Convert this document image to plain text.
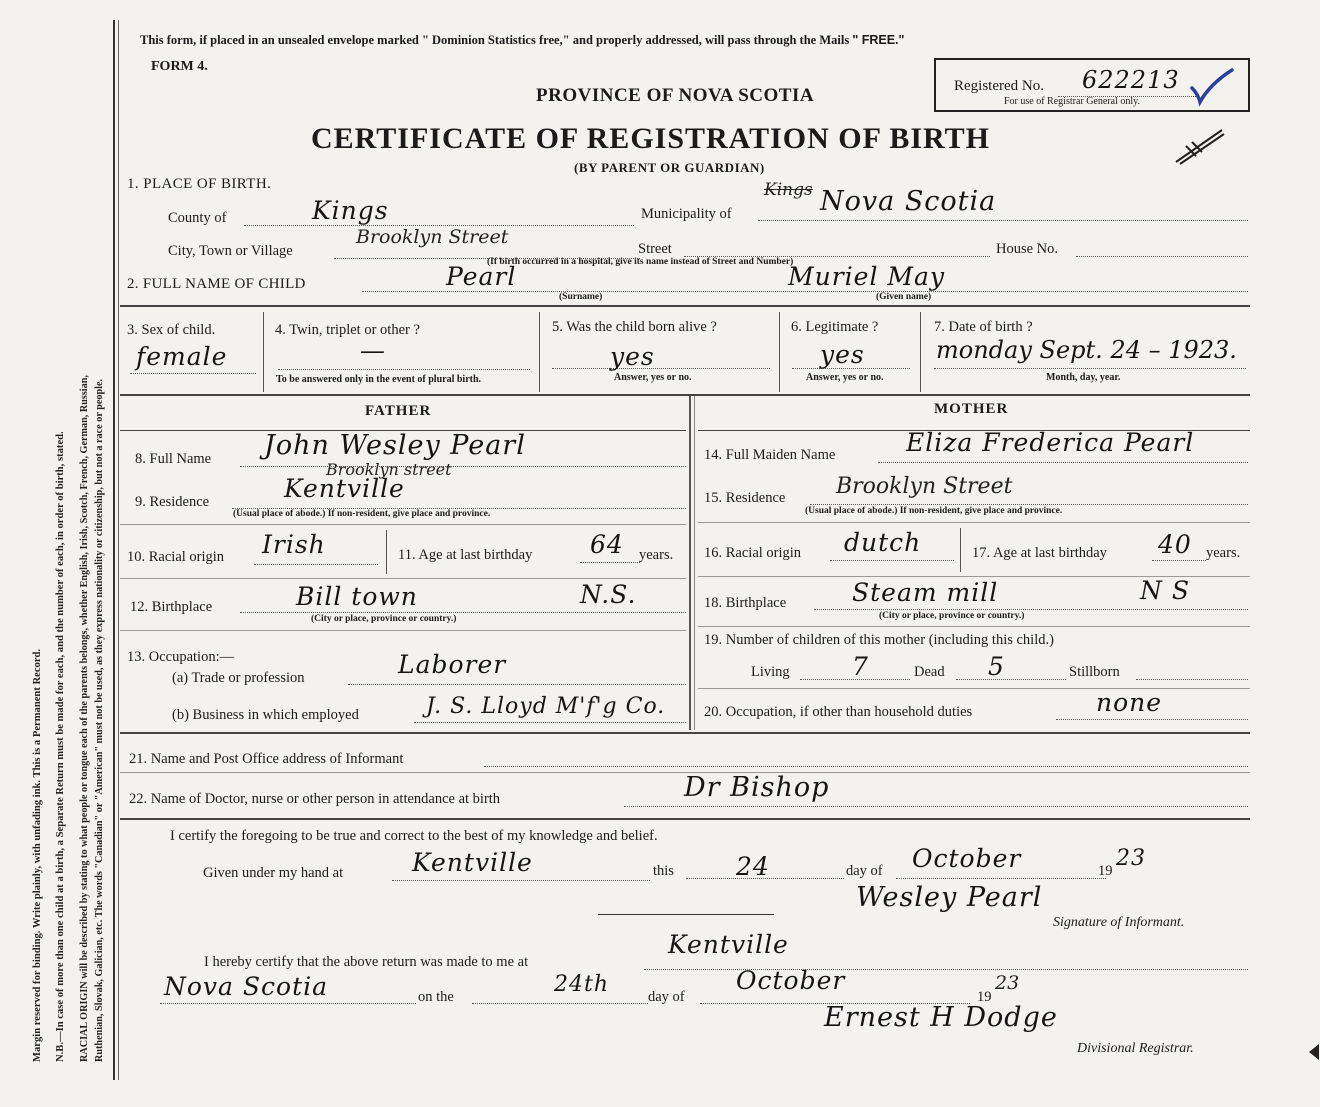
Margin reserved for binding. Write plainly, with unfading ink. This is a Permanent Record. N.B.—In case of more than one child at a birth, a Separate Return must be made for each, and the number of each, in order of birth, stated. RACIAL ORIGIN will be described by stating to what people or tongue each of the parents belongs, whether English, Irish, Scotch, French, German, Russian, Ruthenian, Slovak, Galician, etc. The words "Canadian" or "American" must not be used, as they express nationality or citizenship, but not a race or people.
This form, if placed in an unsealed envelope marked " Dominion Statistics free," and properly addressed, will pass through the Mails " FREE."
FORM 4.
PROVINCE OF NOVA SCOTIA	Registered No. 622213
For use of Registrar General only.
CERTIFICATE OF REGISTRATION OF BIRTH
(BY PARENT OR GUARDIAN)
1. PLACE OF BIRTH.
County of	Kings	Municipality of
Kings Nova Scotia
City, Town or Village
Brooklyn Street
Street	House No.
(If birth occurred in a hospital, give its name instead of Street and Number)
2. FULL NAME OF CHILD	Pearl
(Surname)
Muriel May
(Given name)
3. Sex of child.
female
4. Twin, triplet or other ?
—
To be answered only in the event of plural birth.
5. Was the child born alive ?
yes
Answer, yes or no.
6. Legitimate ?
yes
Answer, yes or no.
7. Date of birth ?
monday Sept. 24 – 1923.
Month, day, year.
FATHER	MOTHER
8. Full Name John Wesley Pearl
9. Residence
Brooklyn street
Kentville
(Usual place of abode.) If non-resident, give place and province.
10. Racial origin Irish	11. Age at last birthday 64 years.
12. Birthplace	Bill town	N.S.
(City or place, province or country.)
13. Occupation:—
(a) Trade or profession	Laborer
(b) Business in which employed	J. S. Lloyd M'f'g Co.
14. Full Maiden Name	Eliza Frederica Pearl
15. Residence Brooklyn Street
(Usual place of abode.) If non-resident, give place and province.
16. Racial origin dutch	17. Age at last birthday 40 years.
18. Birthplace	Steam mill	N S
(City or place, province or country.)
19. Number of children of this mother (including this child.)
Living 7	Dead 5	Stillborn
20. Occupation, if other than household duties	none
21. Name and Post Office address of Informant
22. Name of Doctor, nurse or other person in attendance at birth	Dr Bishop
I certify the foregoing to be true and correct to the best of my knowledge and belief.
Given under my hand at	Kentville	this 24	day of October	19 23
Wesley Pearl
Signature of Informant.
I hereby certify that the above return was made to me at
Kentville
Nova Scotia	on the	24th	day of
October
19
23
Ernest H Dodge
Divisional Registrar.
